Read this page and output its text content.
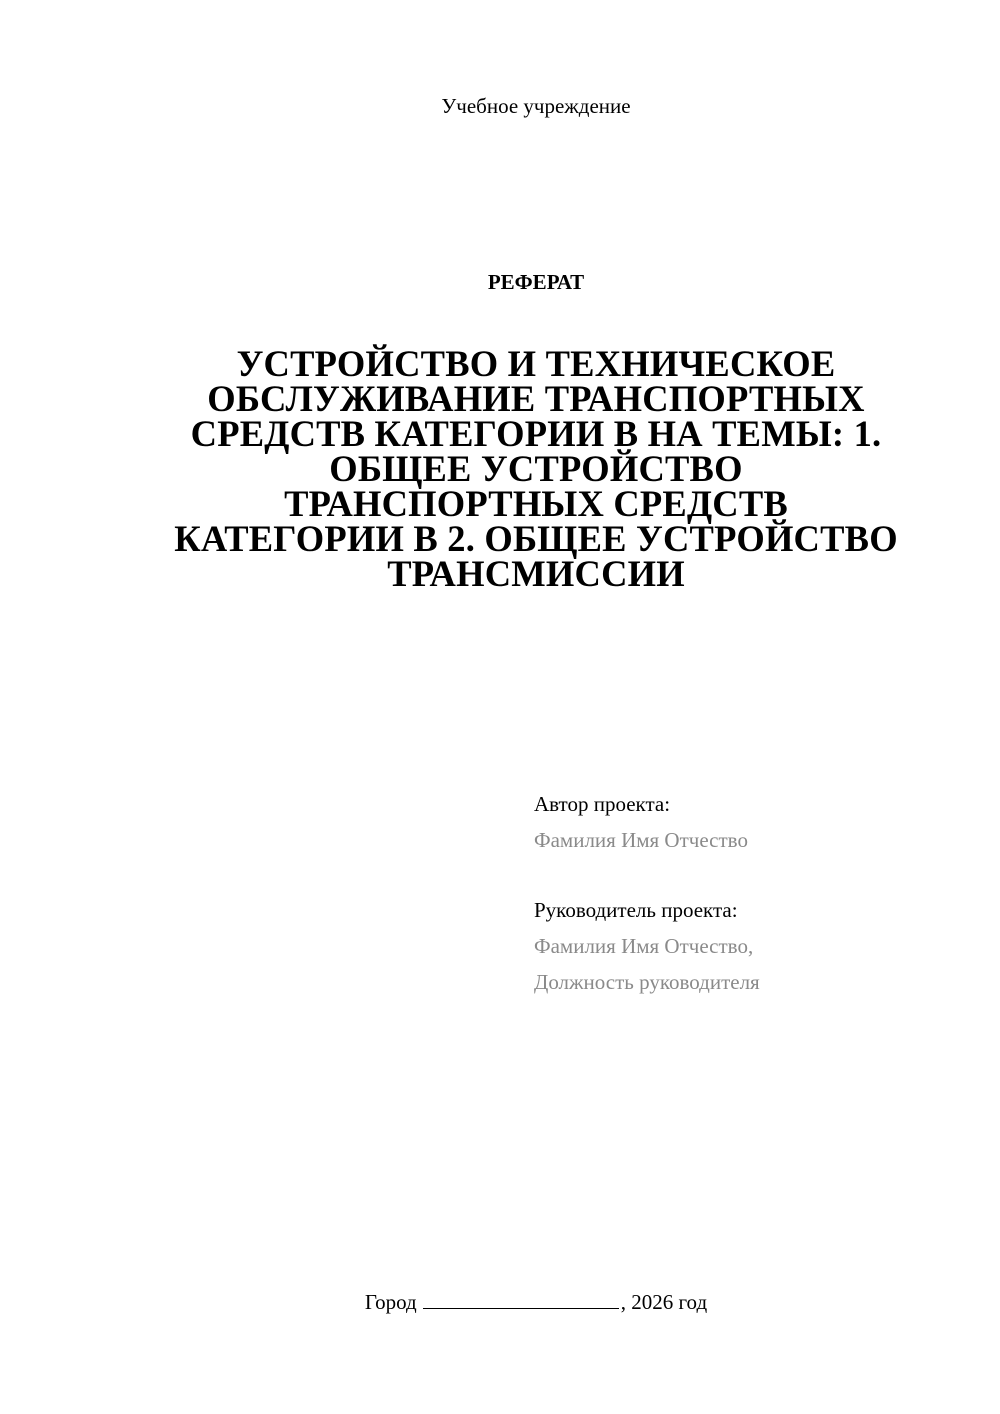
Учебное учреждение
РЕФЕРАТ
УСТРОЙСТВО И ТЕХНИЧЕСКОЕ
ОБСЛУЖИВАНИЕ ТРАНСПОРТНЫХ
СРЕДСТВ КАТЕГОРИИ B НА ТЕМЫ: 1.
ОБЩЕЕ УСТРОЙСТВО
ТРАНСПОРТНЫХ СРЕДСТВ
КАТЕГОРИИ B 2. ОБЩЕЕ УСТРОЙСТВО
ТРАНСМИССИИ
Автор проекта:
Фамилия Имя Отчество
Руководитель проекта:
Фамилия Имя Отчество,
Должность руководителя
Город	, 2026 год
